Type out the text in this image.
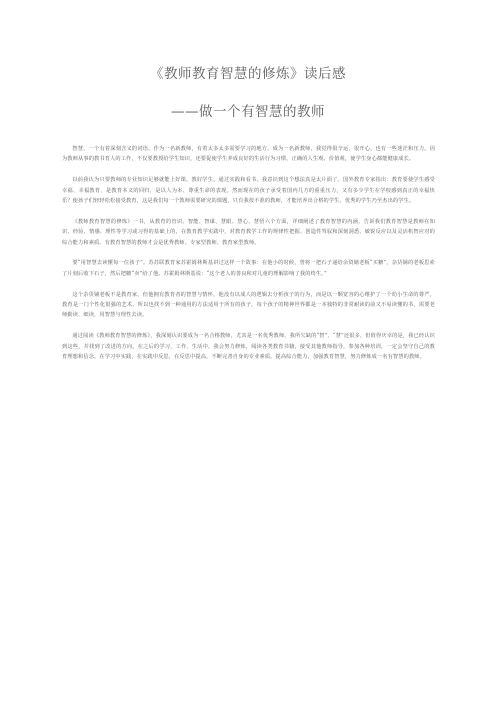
《教师教育智慧的修炼》读后感
——做一个有智慧的教师

智慧，一个有着深刻含义的词语，作为一名新教师，有着太多太多需要学习的地方，成为一名新教师，我觉得很辛运，很开心，也有一些迷茫和压力。因为教师从事的教书育人的工作，不仅要教授给学生知识，还要促使学生养成良好的生活行为习惯、正确的人生观、价值观，使学生身心都能健康成长。

以前我认为只要教师的专业知识足够就能上好课，教好学生，通过实践和看书，我意识到这个想法真是太片面了。国外教育专家指出：教育要使学生感受幸福、幸福教育，是教育本义的回归，是以人为本、尊重生命的表现。然而现在的孩子承受着国内几方的重重压力，又有多少学生在学校感到真正的幸福快乐？使孩子们轻轻松松接受教育，这是我们每一个教师需要研究的课题，只有我按不准的教师，才能培养出合格的学生、优秀的学生乃至杰出的学生。

《教师教育智慧的修炼》一书，从教育的管识、智能、智谋、慧眼、慧心、慧悟六个方面，详细阐述了教育智慧的内涵，告诉我们教育智慧是教师在知识、经验、情感、理性等学习或习得的基础上的，在教育教学实践中，对教育教学工作的规律性把握、创造性驾驭和深刻洞悉、敏锐反应以及灵活机智应对的综合能力和素质。有教育智慧的教师才会是优秀教师、专家型教师、教育家型教师。

要“用智慧去读懂每一位孩子”。苏苏联教育家苏霍姆林斯基讲过这样一个故事：在他小的时候，曾将一把石子递给余资储老板“买糖”，杂货铺的老板思索了片刻后收下石子，然后把糖“卖”给了他。苏霍姆林斯基说：“这个老人的善良和对儿童的理解影响了我的终生。”

这个杂货铺老板不是教育家，但他拥有教育者的智慧与情怀，他没有以成人的逻辑去分析孩子的行为，而是以一颗宽容的心维护了一个幼小生命的尊严。教育是一门个性化很强的艺术，所以也找不到一种通用的方法适用于所有的孩子。每个孩子的精神世界都是一本独特的非常耐读的前又不易读懂的书，需要老师勤读、细读，用智慧与理性去读。

通过阅读《教师教育智慧的修炼》，我深刻认识要成为一名合格教师，尤其是一名优秀教师，我所欠缺的“智”、“慧”还很多，但值得庆幸的是，我已经认识到这些，并找到了改进的方向。在之后的学习、工作、生活中，我会努力修炼，阅读各类教育书籍，接受其他教师指导，参加各种培训，一定会坚守自己的教育理想和信念。在学习中实践，在实践中反思，在反思中提高，不断完善自身的专业素质，提高综合能力，加强教育智慧，努力修炼成一名有智慧的教师。
